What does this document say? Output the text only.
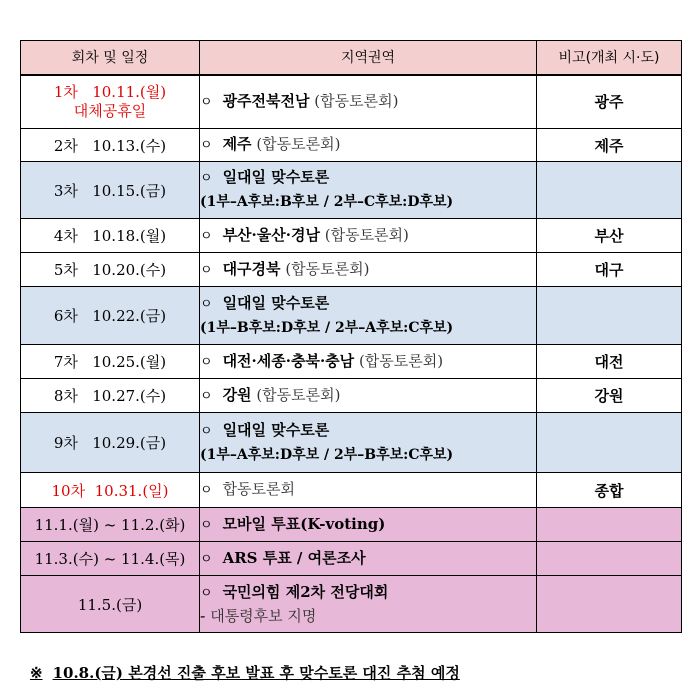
회차 및 일정	지역권역	비고(개최 시·도)

1차 10.11.(월)
대체공휴일	ㅇ 광주전북전남 (합동토론회)	광주
2차 10.13.(수)	ㅇ 제주 (합동토론회)	제주
3차 10.15.(금)	ㅇ 일대일 맞수토론
(1부–A후보:B후보 / 2부–C후보:D후보)	
4차 10.18.(월)	ㅇ 부산·울산·경남 (합동토론회)	부산
5차 10.20.(수)	ㅇ 대구경북 (합동토론회)	대구
6차 10.22.(금)	ㅇ 일대일 맞수토론
(1부–B후보:D후보 / 2부–A후보:C후보)	
7차 10.25.(월)	ㅇ 대전·세종·충북·충남 (합동토론회)	대전
8차 10.27.(수)	ㅇ 강원 (합동토론회)	강원
9차 10.29.(금)	ㅇ 일대일 맞수토론
(1부–A후보:D후보 / 2부–B후보:C후보)	
10차 10.31.(일)	ㅇ 합동토론회	종합
11.1.(월) ~ 11.2.(화)	ㅇ 모바일 투표(K-voting)	
11.3.(수) ~ 11.4.(목)	ㅇ ARS 투표 / 여론조사	
11.5.(금)	ㅇ 국민의힘 제2차 전당대회
- 대통령후보 지명	
※ 10.8.(금) 본경선 진출 후보 발표 후 맞수토론 대진 추첨 예정
